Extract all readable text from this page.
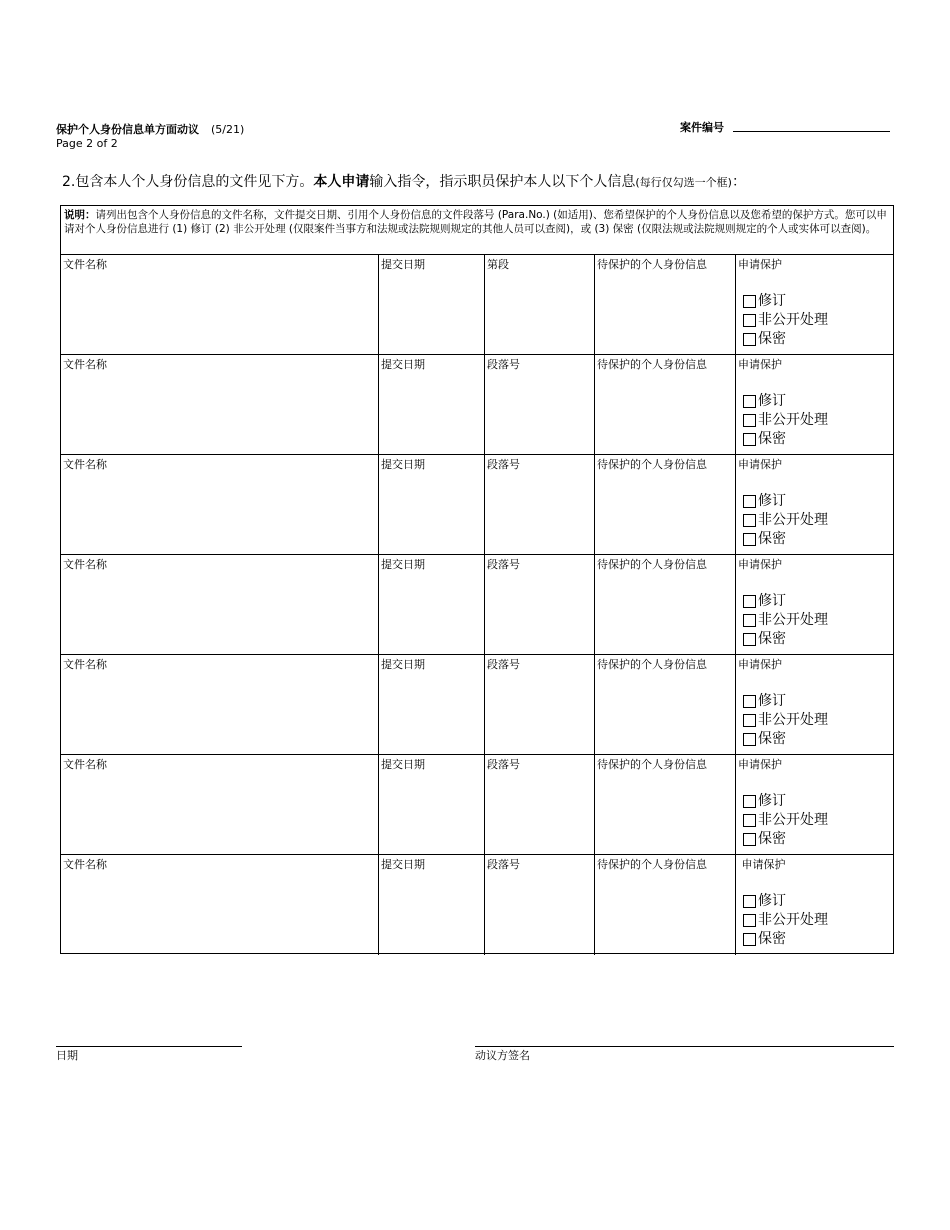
保护个人身份信息单方面动议 (5/21)
Page 2 of 2
案件编号
2.包含本人个人身份信息的文件见下方。本人申请输入指令，指示职员保护本人以下个人信息(每行仅勾选一个框)：
说明：请列出包含个人身份信息的文件名称，文件提交日期、引用个人身份信息的文件段落号 (Para.No.) (如适用)、您希望保护的个人身份信息以及您希望的保护方式。您可以申请对个人身份信息进行 (1) 修订 (2) 非公开处理 (仅限案件当事方和法规或法院规则规定的其他人员可以查阅)，或 (3) 保密 (仅限法规或法院规则规定的个人或实体可以查阅)。
文件名称	提交日期	第段	待保护的个人身份信息	申请保护
修订
非公开处理
保密
文件名称	提交日期	段落号	待保护的个人身份信息	申请保护
修订
非公开处理
保密
文件名称	提交日期	段落号	待保护的个人身份信息	申请保护
修订
非公开处理
保密
文件名称	提交日期	段落号	待保护的个人身份信息	申请保护
修订
非公开处理
保密
文件名称	提交日期	段落号	待保护的个人身份信息	申请保护
修订
非公开处理
保密
文件名称	提交日期	段落号	待保护的个人身份信息	申请保护
修订
非公开处理
保密
文件名称	提交日期	段落号	待保护的个人身份信息	申请保护
修订
非公开处理
保密
日期	动议方签名
